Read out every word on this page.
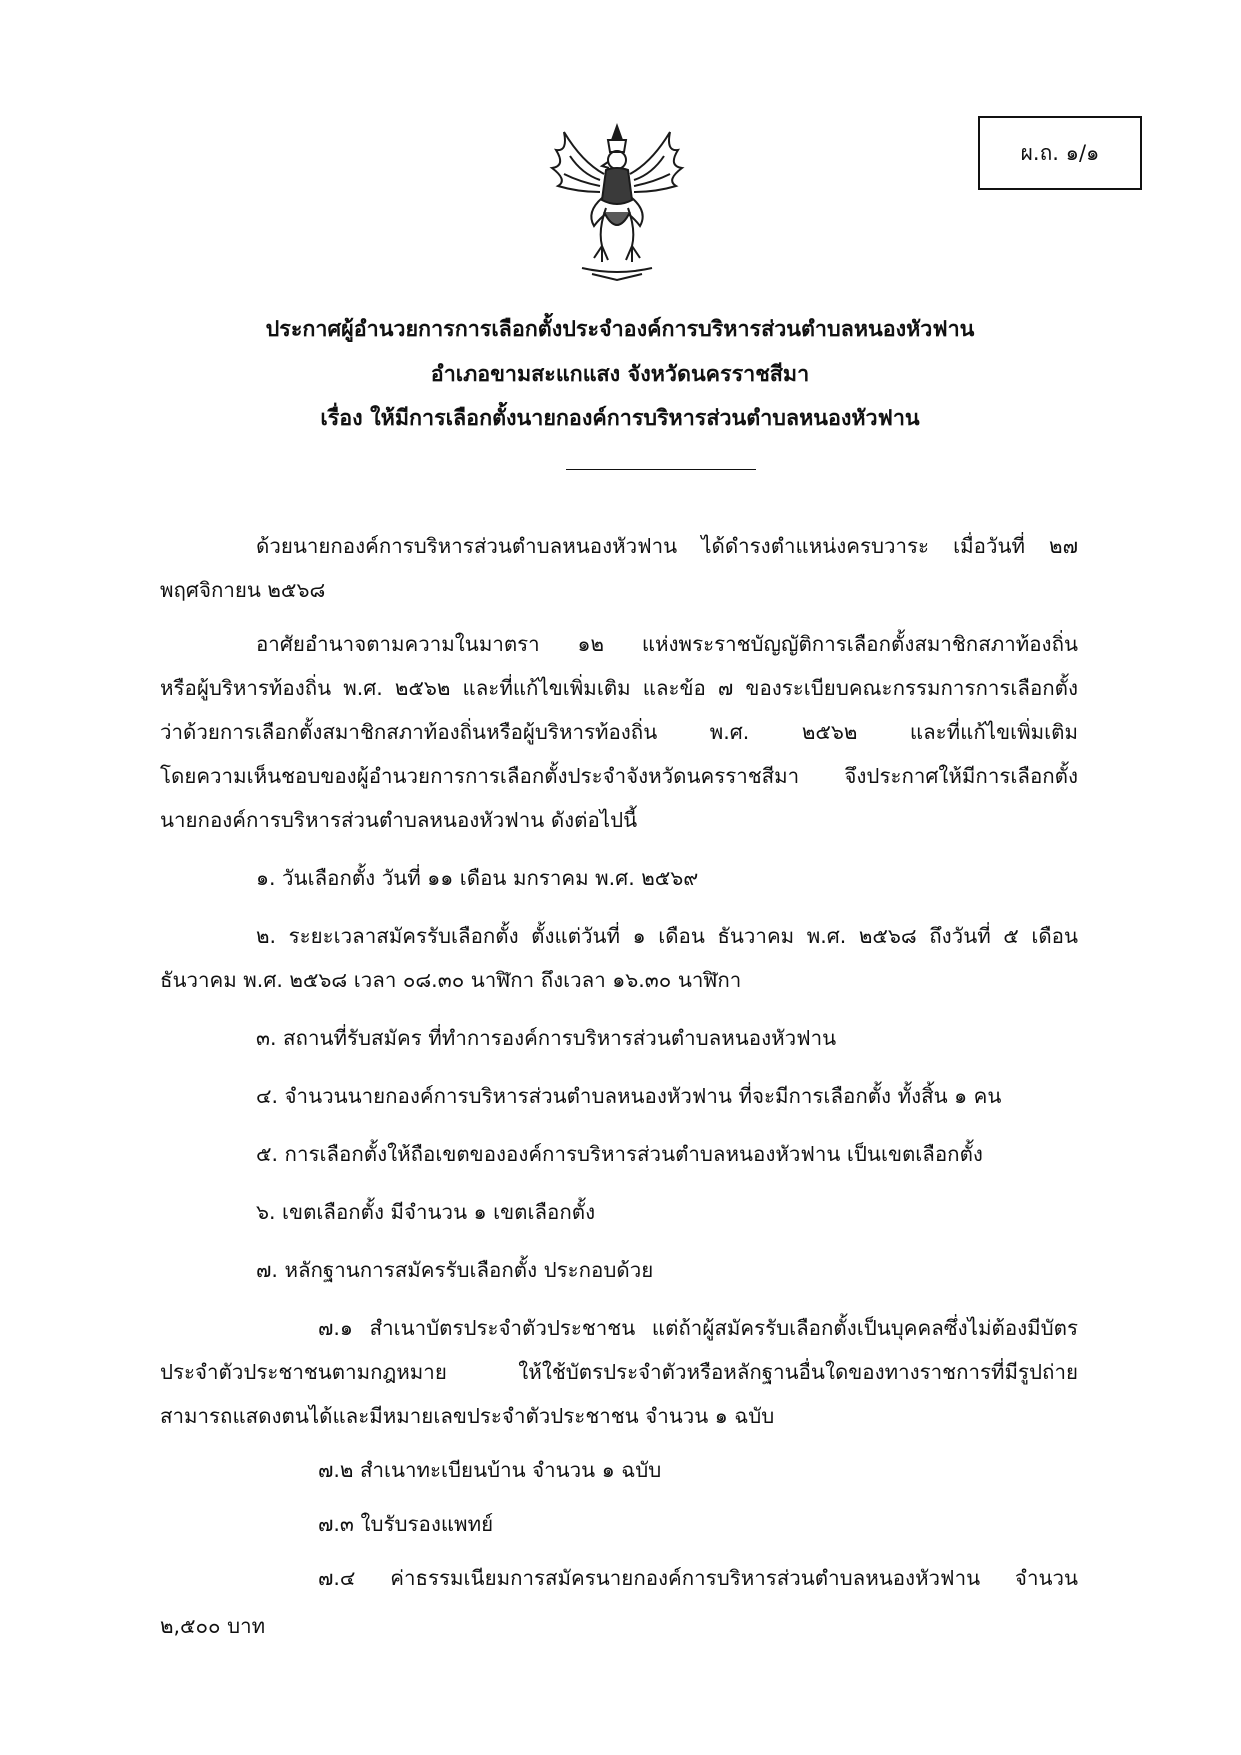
ผ.ถ. ๑/๑
ประกาศผู้อำนวยการการเลือกตั้งประจำองค์การบริหารส่วนตำบลหนองหัวฟาน
อำเภอขามสะแกแสง จังหวัดนครราชสีมา
เรื่อง ให้มีการเลือกตั้งนายกองค์การบริหารส่วนตำบลหนองหัวฟาน
ด้วยนายกองค์การบริหารส่วนตำบลหนองหัวฟาน ได้ดำรงตำแหน่งครบวาระ เมื่อวันที่ ๒๗
พฤศจิกายน ๒๕๖๘
อาศัยอำนาจตามความในมาตรา ๑๒ แห่งพระราชบัญญัติการเลือกตั้งสมาชิกสภาท้องถิ่น
หรือผู้บริหารท้องถิ่น พ.ศ. ๒๕๖๒ และที่แก้ไขเพิ่มเติม และข้อ ๗ ของระเบียบคณะกรรมการการเลือกตั้ง
ว่าด้วยการเลือกตั้งสมาชิกสภาท้องถิ่นหรือผู้บริหารท้องถิ่น พ.ศ. ๒๕๖๒ และที่แก้ไขเพิ่มเติม
โดยความเห็นชอบของผู้อำนวยการการเลือกตั้งประจำจังหวัดนครราชสีมา จึงประกาศให้มีการเลือกตั้ง
นายกองค์การบริหารส่วนตำบลหนองหัวฟาน ดังต่อไปนี้
๑. วันเลือกตั้ง วันที่ ๑๑ เดือน มกราคม พ.ศ. ๒๕๖๙
๒. ระยะเวลาสมัครรับเลือกตั้ง ตั้งแต่วันที่ ๑ เดือน ธันวาคม พ.ศ. ๒๕๖๘ ถึงวันที่ ๕ เดือน
ธันวาคม พ.ศ. ๒๕๖๘ เวลา ๐๘.๓๐ นาฬิกา ถึงเวลา ๑๖.๓๐ นาฬิกา
๓. สถานที่รับสมัคร ที่ทำการองค์การบริหารส่วนตำบลหนองหัวฟาน
๔. จำนวนนายกองค์การบริหารส่วนตำบลหนองหัวฟาน ที่จะมีการเลือกตั้ง ทั้งสิ้น ๑ คน
๕. การเลือกตั้งให้ถือเขตขององค์การบริหารส่วนตำบลหนองหัวฟาน เป็นเขตเลือกตั้ง
๖. เขตเลือกตั้ง มีจำนวน ๑ เขตเลือกตั้ง
๗. หลักฐานการสมัครรับเลือกตั้ง ประกอบด้วย
๗.๑ สำเนาบัตรประจำตัวประชาชน แต่ถ้าผู้สมัครรับเลือกตั้งเป็นบุคคลซึ่งไม่ต้องมีบัตร
ประจำตัวประชาชนตามกฎหมาย ให้ใช้บัตรประจำตัวหรือหลักฐานอื่นใดของทางราชการที่มีรูปถ่าย
สามารถแสดงตนได้และมีหมายเลขประจำตัวประชาชน จำนวน ๑ ฉบับ
๗.๒ สำเนาทะเบียนบ้าน จำนวน ๑ ฉบับ
๗.๓ ใบรับรองแพทย์
๗.๔ ค่าธรรมเนียมการสมัครนายกองค์การบริหารส่วนตำบลหนองหัวฟาน จำนวน
๒,๕๐๐ บาท
